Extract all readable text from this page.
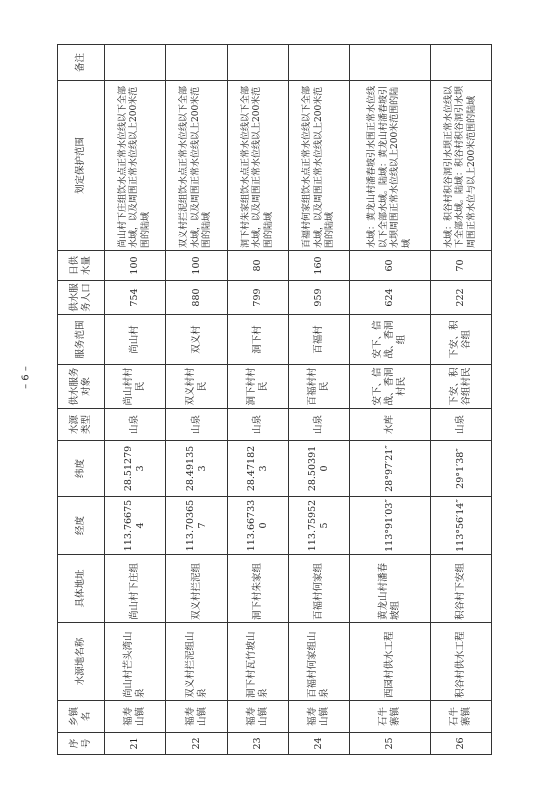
序号	乡镇名	水源地名称	具体地址	经度	纬度	水源类型	供水服务对象	服务范围	供水服务人口	日供水量	划定保护范围	备注
21	福寿山镇	尚山村芒头湾山泉	尚山村下庄组	113.766754	28.512793	山泉	尚山村村民	尚山村	754	100	尚山村下庄组饮水点正常水位线以下全部水域，以及周围正常水位线以上200米范围的陆域	
22	福寿山镇	双义村拦泥组山泉	双义村拦泥组	113.703657	28.491353	山泉	双义村村民	双义村	880	100	双义村拦泥组饮水点正常水位线以下全部水域，以及周围正常水位线以上200米范围的陆域	
23	福寿山镇	洞下村瓦竹坡山泉	洞下村朱家组	113.667330	28.471823	山泉	洞下村村民	洞下村	799	80	洞下村朱家组饮水点正常水位线以下全部水域，以及周围正常水位线以上200米范围的陆域	
24	福寿山镇	百福村何家组山泉	百福村何家组	113.759525	28.503910	山泉	百福村村民	百福村	959	160	百福村何家组饮水点正常水位线以下全部水域，以及周围正常水位线以上200米范围的陆域	
25	石牛寨镇	西园村供水工程	黄龙山村潘春坡组	113°91′03″	28°97′21″	水库	安下、信战、香洞村民	安下、信战、香洞组	624	60	水域：黄龙山村潘春坡引水围正常水位线以下全部水域。陆域：黄龙山村潘春坡引水坝周围正常水位线以上200米范围的陆域	
26	石牛寨镇	积谷村供水工程	积谷村下安组	113°56′14″	29°1′38″	山泉	下安、积谷组村民	下安、积谷组	222	70	水域：积谷村积谷洞引水坝正常水位线以下全部水域。陆域：积谷村积谷洞引水坝周围正常水位与以上200米范围的陆域	
– 6 –
